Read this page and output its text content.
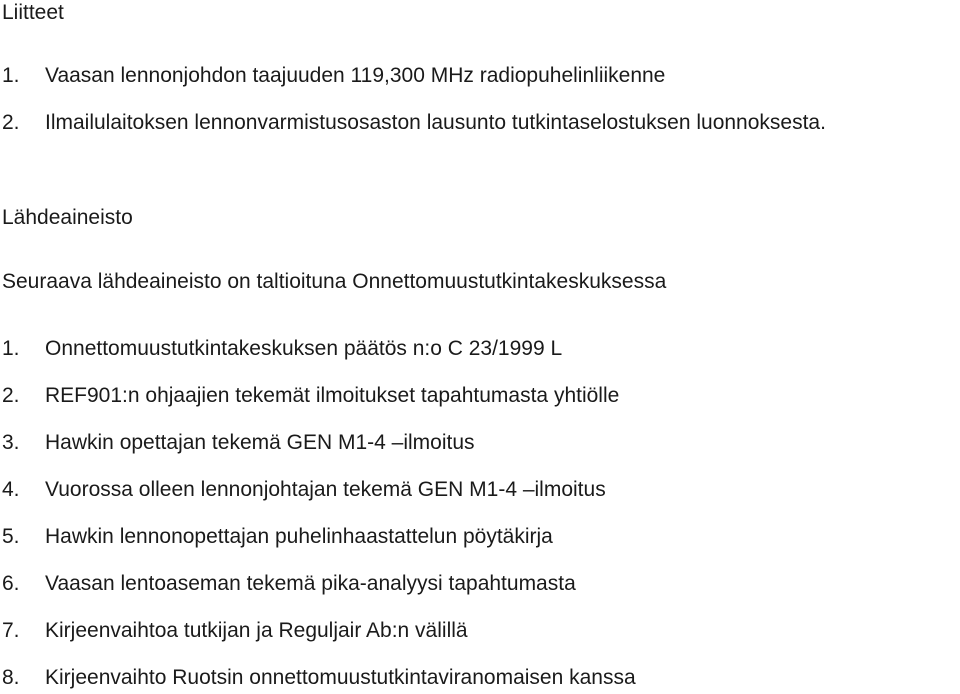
Liitteet
1.	Vaasan lennonjohdon taajuuden 119,300 MHz radiopuhelinliikenne
2.	Ilmailulaitoksen lennonvarmistusosaston lausunto tutkintaselostuksen luonnoksesta.
Lähdeaineisto

Seuraava lähdeaineisto on taltioituna Onnettomuustutkintakeskuksessa

1.	Onnettomuustutkintakeskuksen päätös n:o C 23/1999 L
2.	REF901:n ohjaajien tekemät ilmoitukset tapahtumasta yhtiölle
3.	Hawkin opettajan tekemä GEN M1-4 –ilmoitus
4.	Vuorossa olleen lennonjohtajan tekemä GEN M1-4 –ilmoitus
5.	Hawkin lennonopettajan puhelinhaastattelun pöytäkirja
6.	Vaasan lentoaseman tekemä pika-analyysi tapahtumasta
7.	Kirjeenvaihtoa tutkijan ja Reguljair Ab:n välillä
8.	Kirjeenvaihto Ruotsin onnettomuustutkintaviranomaisen kanssa
